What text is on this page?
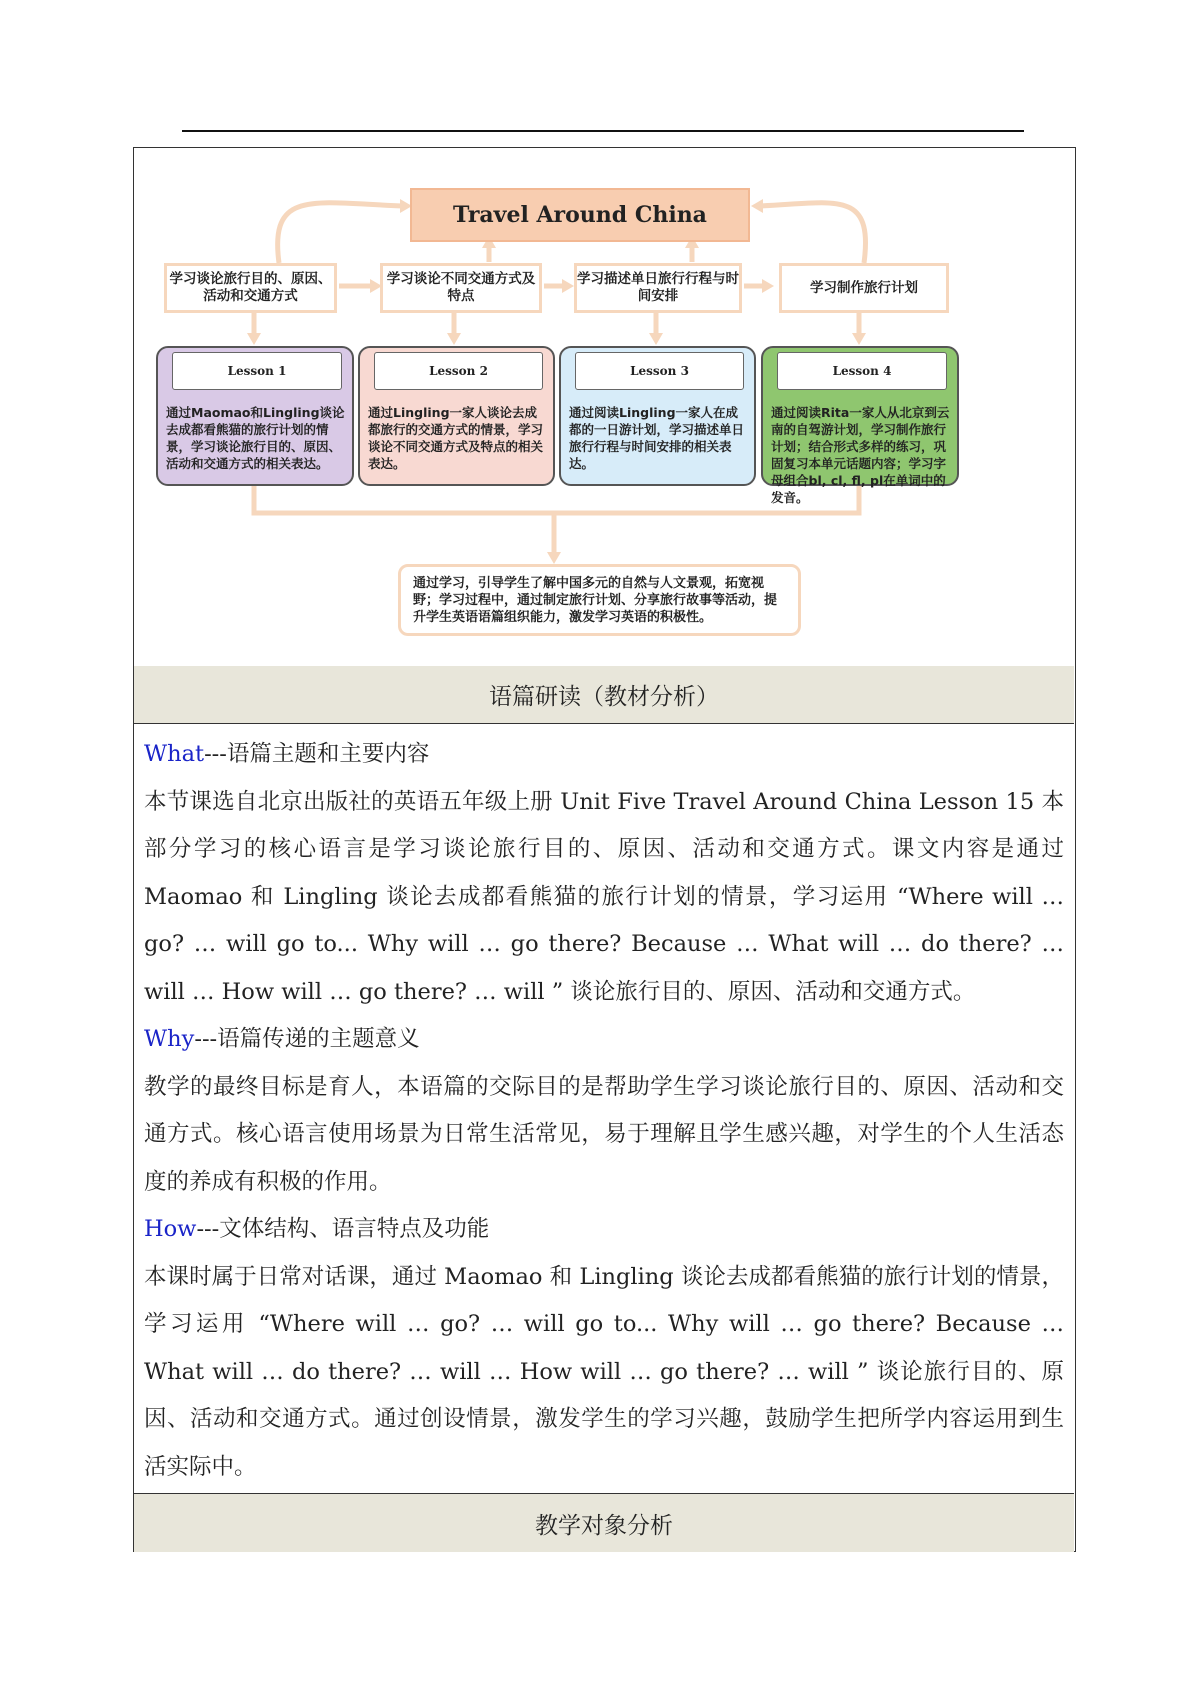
Travel Around China
学习谈论旅行目的、原因、活动和交通方式
学习谈论不同交通方式及特点
学习描述单日旅行行程与时间安排
学习制作旅行计划
Lesson 1
通过Maomao和Lingling谈论去成都看熊猫的旅行计划的情景，学习谈论旅行目的、原因、活动和交通方式的相关表达。
Lesson 2
通过Lingling一家人谈论去成都旅行的交通方式的情景，学习谈论不同交通方式及特点的相关表达。
Lesson 3
通过阅读Lingling一家人在成都的一日游计划，学习描述单日旅行行程与时间安排的相关表达。
Lesson 4
通过阅读Rita一家人从北京到云南的自驾游计划，学习制作旅行计划；结合形式多样的练习，巩固复习本单元话题内容；学习字母组合bl, cl, fl, pl在单词中的发音。
通过学习，引导学生了解中国多元的自然与人文景观，拓宽视野；学习过程中，通过制定旅行计划、分享旅行故事等活动，提升学生英语语篇组织能力，激发学习英语的积极性。
语篇研读（教材分析）

What---语篇主题和主要内容

本节课选自北京出版社的英语五年级上册 Unit Five Travel Around China Lesson 15 本部分学习的核心语言是学习谈论旅行目的、原因、活动和交通方式。课文内容是通过 Maomao 和 Lingling 谈论去成都看熊猫的旅行计划的情景，学习运用 “Where will … go? … will go to... Why will … go there? Because … What will … do there? … will … How will … go there? … will ” 谈论旅行目的、原因、活动和交通方式。

Why---语篇传递的主题意义

教学的最终目标是育人，本语篇的交际目的是帮助学生学习谈论旅行目的、原因、活动和交通方式。核心语言使用场景为日常生活常见，易于理解且学生感兴趣，对学生的个人生活态度的养成有积极的作用。

How---文体结构、语言特点及功能

本课时属于日常对话课，通过 Maomao 和 Lingling 谈论去成都看熊猫的旅行计划的情景，学习运用 “Where will … go? … will go to... Why will … go there? Because … What will … do there? … will … How will … go there? … will ” 谈论旅行目的、原因、活动和交通方式。通过创设情景，激发学生的学习兴趣，鼓励学生把所学内容运用到生活实际中。

教学对象分析
